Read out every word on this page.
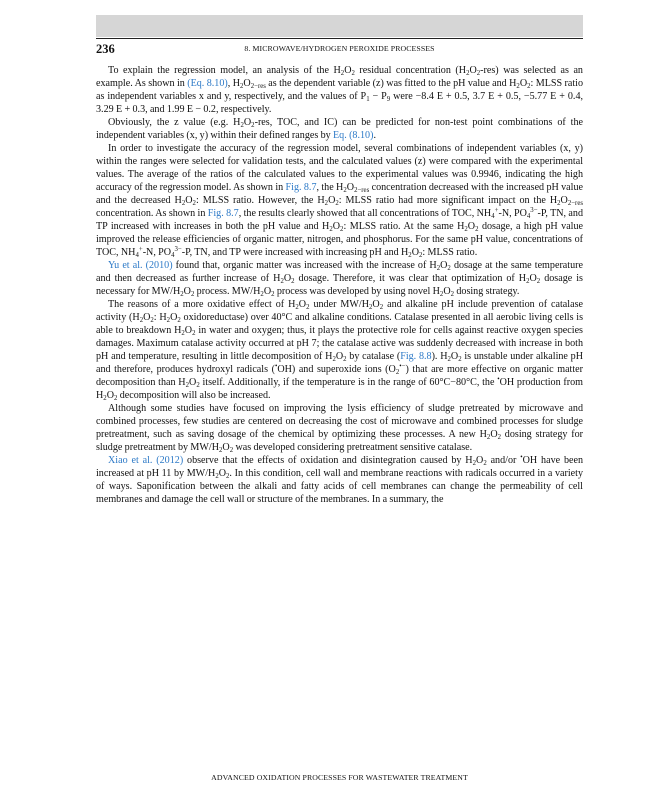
236	8. MICROWAVE/HYDROGEN PEROXIDE PROCESSES

To explain the regression model, an analysis of the $H_2O_2$ residual concentration $(H_2O_2-res)$ was selected as an example. As shown in (Eq. 8.10), $H_2O_{2-res}$ as the dependent variable (z) was fitted to the pH value and $H_2O_2$: MLSS ratio as independent variables x and y, respectively, and the values of $P_1 - P_9$ were −8.4 E + 0.5, 3.7 E + 0.5, −5.77 E + 0.4, 3.29 E + 0.3, and 1.99 E − 0.2, respectively.

Obviously, the z value (e.g. $H_2O_2$-res, TOC, and IC) can be predicted for non-test point combinations of the independent variables (x, y) within their defined ranges by Eq. (8.10).

In order to investigate the accuracy of the regression model, several combinations of independent variables (x, y) within the ranges were selected for validation tests, and the calculated values (z) were compared with the experimental values. The average of the ratios of the calculated values to the experimental values was 0.9946, indicating the high accuracy of the regression model. As shown in Fig. 8.7, the $H_2O_{2-res}$ concentration decreased with the increased pH value and the decreased $H_2O_2$: MLSS ratio. However, the $H_2O_2$: MLSS ratio had more significant impact on the $H_2O_{2-res}$ concentration. As shown in Fig. 8.7, the results clearly showed that all concentrations of TOC, $NH_4^+-N$, $PO_4^{3-}-P$, TN, and TP increased with increases in both the pH value and $H_2O_2$: MLSS ratio. At the same $H_2O_2$ dosage, a high pH value improved the release efficiencies of organic matter, nitrogen, and phosphorus. For the same pH value, concentrations of TOC, $NH_4^+-N$, $PO_4^{3-}-P$, TN, and TP were increased with increasing pH and $H_2O_2$: MLSS ratio.

Yu et al. (2010) found that, organic matter was increased with the increase of $H_2O_2$ dosage at the same temperature and then decreased as further increase of $H_2O_2$ dosage. Therefore, it was clear that optimization of $H_2O_2$ dosage is necessary for $MW/H_2O_2$ process. $MW/H_2O_2$ process was developed by using novel $H_2O_2$ dosing strategy.

The reasons of a more oxidative effect of $H_2O_2$ under $MW/H_2O_2$ and alkaline pH include prevention of catalase activity ($H_2O_2$: $H_2O_2$ oxidoreductase) over 40°C and alkaline conditions. Catalase presented in all aerobic living cells is able to breakdown $H_2O_2$ in water and oxygen; thus, it plays the protective role for cells against reactive oxygen species damages. Maximum catalase activity occurred at pH 7; the catalase active was suddenly decreased with increase in both pH and temperature, resulting in little decomposition of $H_2O_2$ by catalase (Fig. 8.8). $H_2O_2$ is unstable under alkaline pH and therefore, produces hydroxyl radicals (•OH) and superoxide ions $(O_2^{•-})$ that are more effective on organic matter decomposition than $H_2O_2$ itself. Additionally, if the temperature is in the range of 60°C−80°C, the •OH production from $H_2O_2$ decomposition will also be increased.

Although some studies have focused on improving the lysis efficiency of sludge pretreated by microwave and combined processes, few studies are centered on decreasing the cost of microwave and combined processes for sludge pretreatment, such as saving dosage of the chemical by optimizing these processes. A new $H_2O_2$ dosing strategy for sludge pretreatment by $MW/H_2O_2$ was developed considering pretreatment sensitive catalase.

Xiao et al. (2012) observe that the effects of oxidation and disintegration caused by $H_2O_2$ and/or •OH have been increased at pH 11 by $MW/H_2O_2$. In this condition, cell wall and membrane reactions with radicals occurred in a variety of ways. Saponification between the alkali and fatty acids of cell membranes can change the permeability of cell membranes and damage the cell wall or structure of the membranes. In a summary, the

ADVANCED OXIDATION PROCESSES FOR WASTEWATER TREATMENT
